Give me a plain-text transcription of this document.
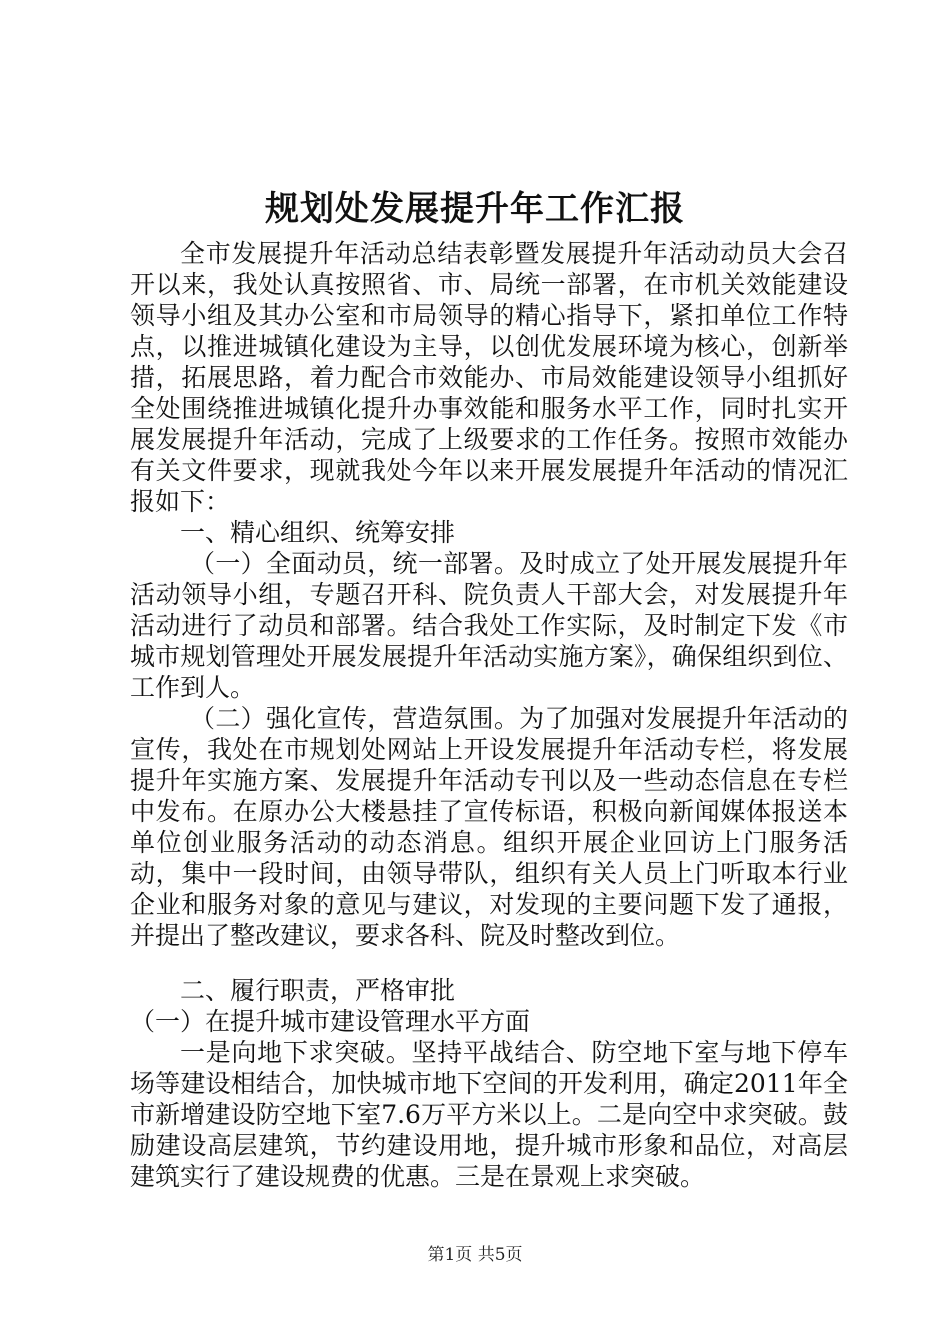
规划处发展提升年工作汇报

全市发展提升年活动总结表彰暨发展提升年活动动员大会召开以来，我处认真按照省、市、局统一部署，在市机关效能建设领导小组及其办公室和市局领导的精心指导下，紧扣单位工作特点，以推进城镇化建设为主导，以创优发展环境为核心，创新举措，拓展思路，着力配合市效能办、市局效能建设领导小组抓好全处围绕推进城镇化提升办事效能和服务水平工作，同时扎实开展发展提升年活动，完成了上级要求的工作任务。按照市效能办有关文件要求，现就我处今年以来开展发展提升年活动的情况汇报如下：

一、精心组织、统筹安排

（一）全面动员，统一部署。及时成立了处开展发展提升年活动领导小组，专题召开科、院负责人干部大会，对发展提升年活动进行了动员和部署。结合我处工作实际，及时制定下发《市城市规划管理处开展发展提升年活动实施方案》，确保组织到位、工作到人。

（二）强化宣传，营造氛围。为了加强对发展提升年活动的宣传，我处在市规划处网站上开设发展提升年活动专栏，将发展提升年实施方案、发展提升年活动专刊以及一些动态信息在专栏中发布。在原办公大楼悬挂了宣传标语，积极向新闻媒体报送本单位创业服务活动的动态消息。组织开展企业回访上门服务活动，集中一段时间，由领导带队，组织有关人员上门听取本行业企业和服务对象的意见与建议，对发现的主要问题下发了通报，并提出了整改建议，要求各科、院及时整改到位。

二、履行职责，严格审批

（一）在提升城市建设管理水平方面

一是向地下求突破。坚持平战结合、防空地下室与地下停车场等建设相结合，加快城市地下空间的开发利用，确定2011年全市新增建设防空地下室7.6万平方米以上。二是向空中求突破。鼓励建设高层建筑，节约建设用地，提升城市形象和品位，对高层建筑实行了建设规费的优惠。三是在景观上求突破。

第1页 共5页
